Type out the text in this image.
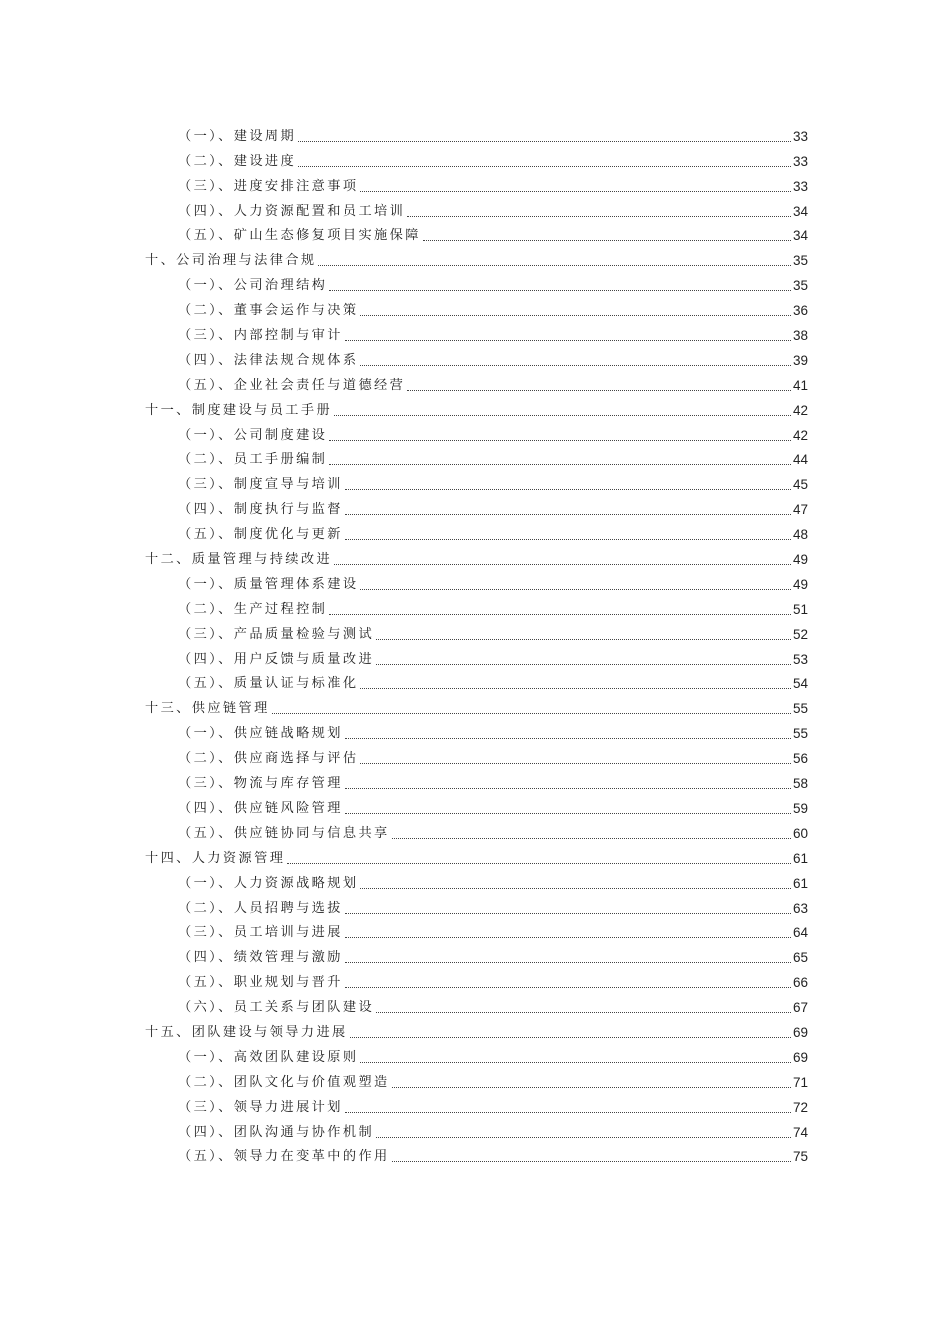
（一）、建设周期	33
（二）、建设进度	33
（三）、进度安排注意事项	33
（四）、人力资源配置和员工培训	34
（五）、矿山生态修复项目实施保障	34
十、公司治理与法律合规	35
（一）、公司治理结构	35
（二）、董事会运作与决策	36
（三）、内部控制与审计	38
（四）、法律法规合规体系	39
（五）、企业社会责任与道德经营	41
十一、制度建设与员工手册	42
（一）、公司制度建设	42
（二）、员工手册编制	44
（三）、制度宣导与培训	45
（四）、制度执行与监督	47
（五）、制度优化与更新	48
十二、质量管理与持续改进	49
（一）、质量管理体系建设	49
（二）、生产过程控制	51
（三）、产品质量检验与测试	52
（四）、用户反馈与质量改进	53
（五）、质量认证与标准化	54
十三、供应链管理	55
（一）、供应链战略规划	55
（二）、供应商选择与评估	56
（三）、物流与库存管理	58
（四）、供应链风险管理	59
（五）、供应链协同与信息共享	60
十四、人力资源管理	61
（一）、人力资源战略规划	61
（二）、人员招聘与选拔	63
（三）、员工培训与进展	64
（四）、绩效管理与激励	65
（五）、职业规划与晋升	66
（六）、员工关系与团队建设	67
十五、团队建设与领导力进展	69
（一）、高效团队建设原则	69
（二）、团队文化与价值观塑造	71
（三）、领导力进展计划	72
（四）、团队沟通与协作机制	74
（五）、领导力在变革中的作用	75
